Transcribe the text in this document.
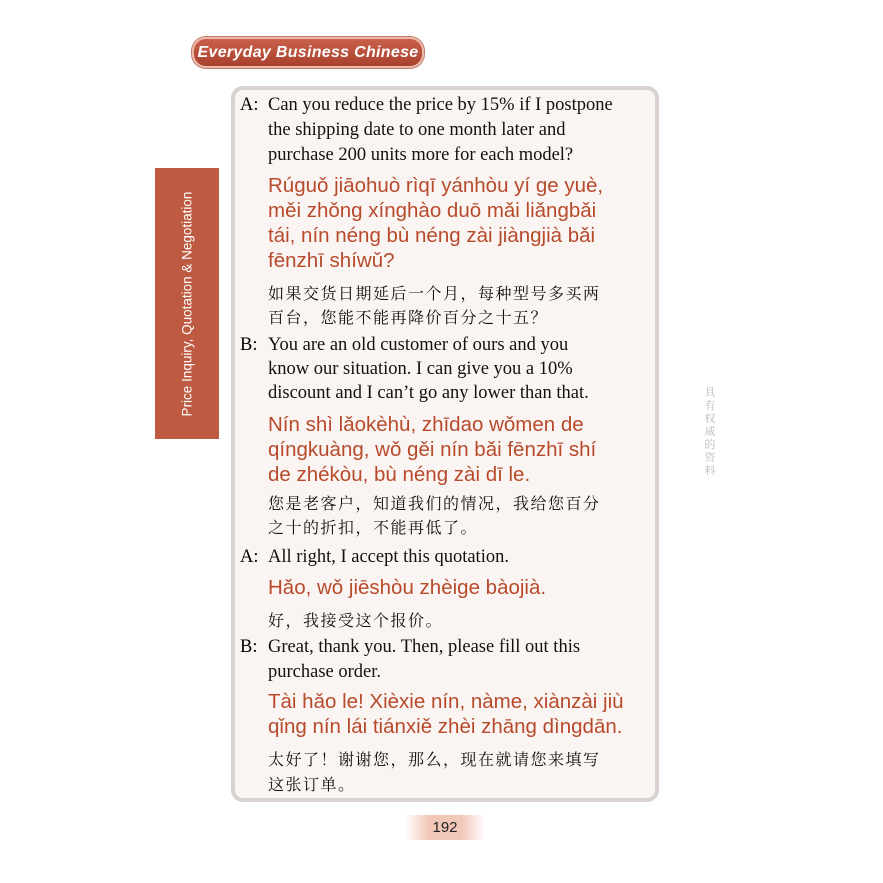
Everyday Business Chinese
Price Inquiry, Quotation & Negotiation
A: Can you reduce the price by 15% if I postpone
the shipping date to one month later and
purchase 200 units more for each model?
Rúguǒ jiāohuò rìqī yánhòu yí ge yuè,
měi zhǒng xínghào duō mǎi liǎngbǎi
tái, nín néng bù néng zài jiàngjià bǎi
fēnzhī shíwǔ?
如果交货日期延后一个月，每种型号多买两
百台，您能不能再降价百分之十五？
B: You are an old customer of ours and you
know our situation. I can give you a 10%
discount and I can’t go any lower than that.
Nín shì lǎokèhù, zhīdao wǒmen de
qíngkuàng, wǒ gěi nín bǎi fēnzhī shí
de zhékòu, bù néng zài dī le.
您是老客户，知道我们的情况，我给您百分
之十的折扣，不能再低了。
A: All right, I accept this quotation.
Hǎo, wǒ jiēshòu zhèige bàojià.
好，我接受这个报价。
B: Great, thank you. Then, please fill out this
purchase order.
Tài hǎo le! Xièxie nín, nàme, xiànzài jiù
qǐng nín lái tiánxiě zhèi zhāng dìngdān.
太好了！谢谢您，那么，现在就请您来填写
这张订单。
具有权威的资料
192
